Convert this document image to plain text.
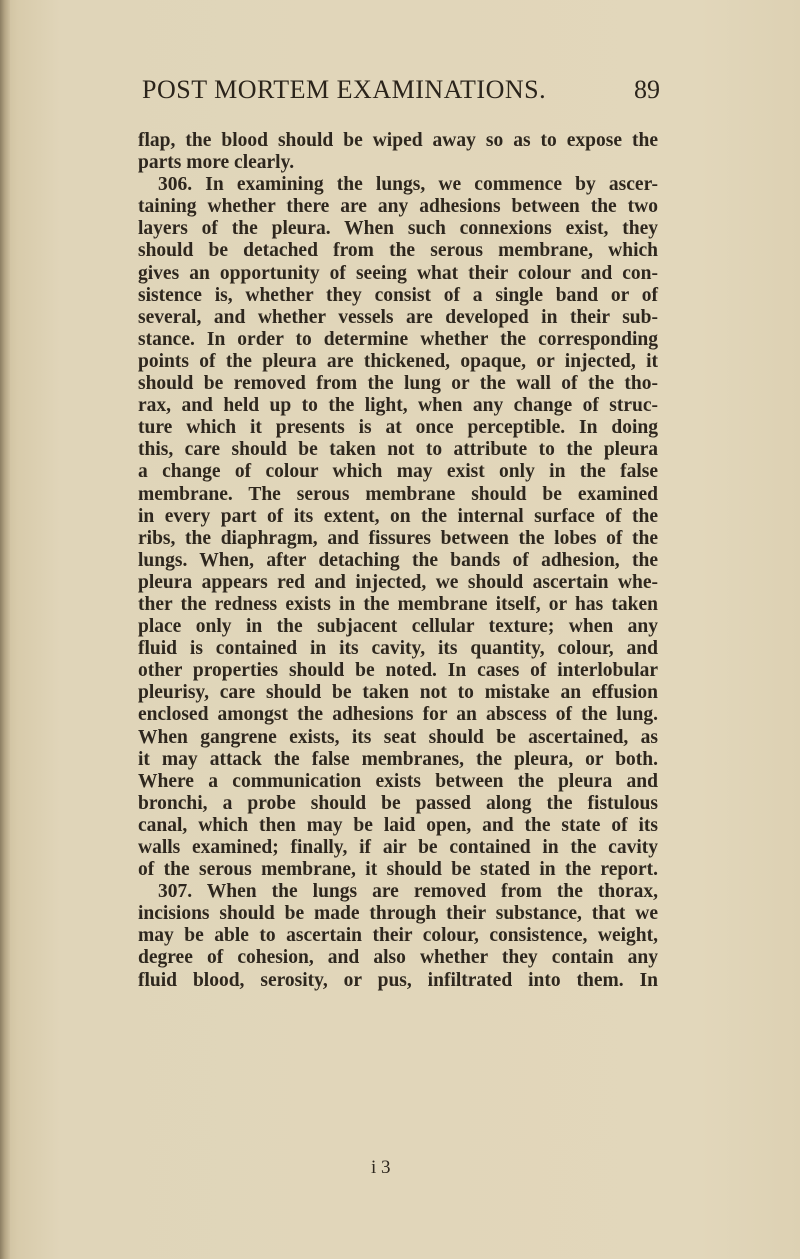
POST MORTEM EXAMINATIONS.	89
flap, the blood should be wiped away so as to expose the
parts more clearly.
306. In examining the lungs, we commence by ascer-
taining whether there are any adhesions between the two
layers of the pleura. When such connexions exist, they
should be detached from the serous membrane, which
gives an opportunity of seeing what their colour and con-
sistence is, whether they consist of a single band or of
several, and whether vessels are developed in their sub-
stance. In order to determine whether the corresponding
points of the pleura are thickened, opaque, or injected, it
should be removed from the lung or the wall of the tho-
rax, and held up to the light, when any change of struc-
ture which it presents is at once perceptible. In doing
this, care should be taken not to attribute to the pleura
a change of colour which may exist only in the false
membrane. The serous membrane should be examined
in every part of its extent, on the internal surface of the
ribs, the diaphragm, and fissures between the lobes of the
lungs. When, after detaching the bands of adhesion, the
pleura appears red and injected, we should ascertain whe-
ther the redness exists in the membrane itself, or has taken
place only in the subjacent cellular texture; when any
fluid is contained in its cavity, its quantity, colour, and
other properties should be noted. In cases of interlobular
pleurisy, care should be taken not to mistake an effusion
enclosed amongst the adhesions for an abscess of the lung.
When gangrene exists, its seat should be ascertained, as
it may attack the false membranes, the pleura, or both.
Where a communication exists between the pleura and
bronchi, a probe should be passed along the fistulous
canal, which then may be laid open, and the state of its
walls examined; finally, if air be contained in the cavity
of the serous membrane, it should be stated in the report.
307. When the lungs are removed from the thorax,
incisions should be made through their substance, that we
may be able to ascertain their colour, consistence, weight,
degree of cohesion, and also whether they contain any
fluid blood, serosity, or pus, infiltrated into them. In
i 3
